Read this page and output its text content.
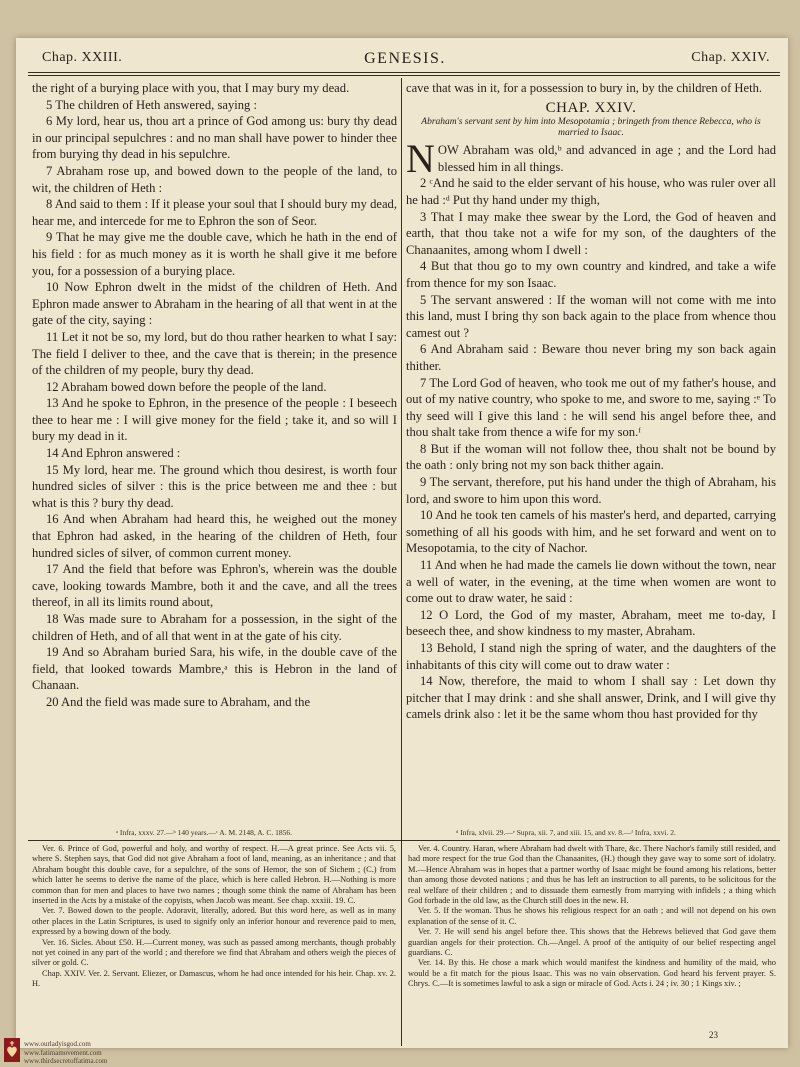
Chap. XXIII.	GENESIS.	Chap. XXIV.

the right of a burying place with you, that I may bury my dead.

5 The children of Heth answered, saying :

6 My lord, hear us, thou art a prince of God among us: bury thy dead in our principal sepulchres : and no man shall have power to hinder thee from burying thy dead in his sepulchre.

7 Abraham rose up, and bowed down to the people of the land, to wit, the children of Heth :

8 And said to them : If it please your soul that I should bury my dead, hear me, and intercede for me to Ephron the son of Seor.

9 That he may give me the double cave, which he hath in the end of his field : for as much money as it is worth he shall give it me before you, for a possession of a burying place.

10 Now Ephron dwelt in the midst of the children of Heth. And Ephron made answer to Abraham in the hearing of all that went in at the gate of the city, saying :

11 Let it not be so, my lord, but do thou rather hearken to what I say: The field I deliver to thee, and the cave that is therein; in the presence of the children of my people, bury thy dead.

12 Abraham bowed down before the people of the land.

13 And he spoke to Ephron, in the presence of the people : I beseech thee to hear me : I will give money for the field ; take it, and so will I bury my dead in it.

14 And Ephron answered :

15 My lord, hear me. The ground which thou desirest, is worth four hundred sicles of silver : this is the price between me and thee : but what is this ? bury thy dead.

16 And when Abraham had heard this, he weighed out the money that Ephron had asked, in the hearing of the children of Heth, four hundred sicles of silver, of common current money.

17 And the field that before was Ephron's, wherein was the double cave, looking towards Mambre, both it and the cave, and all the trees thereof, in all its limits round about,

18 Was made sure to Abraham for a possession, in the sight of the children of Heth, and of all that went in at the gate of his city.

19 And so Abraham buried Sara, his wife, in the double cave of the field, that looked towards Mambre,ᵃ this is Hebron in the land of Chanaan.

20 And the field was made sure to Abraham, and the

cave that was in it, for a possession to bury in, by the children of Heth.

CHAP. XXIV.
Abraham's servant sent by him into Mesopotamia ; bringeth from thence Rebecca, who is married to Isaac.

NOW Abraham was old,ᵇ and advanced in age ; and the Lord had blessed him in all things.

2 ᶜAnd he said to the elder servant of his house, who was ruler over all he had :ᵈ Put thy hand under my thigh,

3 That I may make thee swear by the Lord, the God of heaven and earth, that thou take not a wife for my son, of the daughters of the Chanaanites, among whom I dwell :

4 But that thou go to my own country and kindred, and take a wife from thence for my son Isaac.

5 The servant answered : If the woman will not come with me into this land, must I bring thy son back again to the place from whence thou camest out ?

6 And Abraham said : Beware thou never bring my son back again thither.

7 The Lord God of heaven, who took me out of my father's house, and out of my native country, who spoke to me, and swore to me, saying :ᵉ To thy seed will I give this land : he will send his angel before thee, and thou shalt take from thence a wife for my son.ᶠ

8 But if the woman will not follow thee, thou shalt not be bound by the oath : only bring not my son back thither again.

9 The servant, therefore, put his hand under the thigh of Abraham, his lord, and swore to him upon this word.

10 And he took ten camels of his master's herd, and departed, carrying something of all his goods with him, and he set forward and went on to Mesopotamia, to the city of Nachor.

11 And when he had made the camels lie down without the town, near a well of water, in the evening, at the time when women are wont to come out to draw water, he said :

12 O Lord, the God of my master, Abraham, meet me to-day, I beseech thee, and show kindness to my master, Abraham.

13 Behold, I stand nigh the spring of water, and the daughters of the inhabitants of this city will come out to draw water :

14 Now, therefore, the maid to whom I shall say : Let down thy pitcher that I may drink : and she shall answer, Drink, and I will give thy camels drink also : let it be the same whom thou hast provided for thy

ᵃ Infra, xxxv. 27.—ᵇ 140 years.—ᶜ A. M. 2148, A. C. 1856.	ᵈ Infra, xlvii. 29.—ᵉ Supra, xii. 7, and xiii. 15, and xv. 8.—ᶠ Infra, xxvi. 2.

Ver. 6. Prince of God, powerful and holy, and worthy of respect. H.—A great prince. See Acts vii. 5, where S. Stephen says, that God did not give Abraham a foot of land, meaning, as an inheritance ; and that Abraham bought this double cave, for a sepulchre, of the sons of Hemor, the son of Sichem ; (C.) from which latter he seems to derive the name of the place, which is here called Hebron. H.—Nothing is more common than for men and places to have two names ; though some think the name of Abraham has been inserted in the Acts by a mistake of the copyists, when Jacob was meant. See chap. xxxiii. 19. C.

Ver. 7. Bowed down to the people. Adoravit, literally, adored. But this word here, as well as in many other places in the Latin Scriptures, is used to signify only an inferior honour and reverence paid to men, expressed by a bowing down of the body.

Ver. 16. Sicles. About £50. H.—Current money, was such as passed among merchants, though probably not yet coined in any part of the world ; and therefore we find that Abraham and others weigh the pieces of silver or gold. C.

Chap. XXIV. Ver. 2. Servant. Eliezer, or Damascus, whom he had once intended for his heir. Chap. xv. 2. H.

Ver. 4. Country. Haran, where Abraham had dwelt with Thare, &c. There Nachor's family still resided, and had more respect for the true God than the Chanaanites, (H.) though they gave way to some sort of idolatry. M.—Hence Abraham was in hopes that a partner worthy of Isaac might be found among his relations, better than among those devoted nations ; and thus he has left an instruction to all parents, to be solicitous for the real welfare of their children ; and to dissuade them earnestly from marrying with infidels ; a thing which God forbade in the old law, as the Church still does in the new. H.

Ver. 5. If the woman. Thus he shows his religious respect for an oath ; and will not depend on his own explanation of the sense of it. C.

Ver. 7. He will send his angel before thee. This shows that the Hebrews believed that God gave them guardian angels for their protection. Ch.—Angel. A proof of the antiquity of our belief respecting angel guardians. C.

Ver. 14. By this. He chose a mark which would manifest the kindness and humility of the maid, who would be a fit match for the pious Isaac. This was no vain observation. God heard his fervent prayer. S. Chrys. C.—It is sometimes lawful to ask a sign or miracle of God. Acts i. 24 ; iv. 30 ; 1 Kings xiv. ;

23
www.ourladyisgod.com
www.fatimamovement.com
www.thirdsecretoffatima.com
